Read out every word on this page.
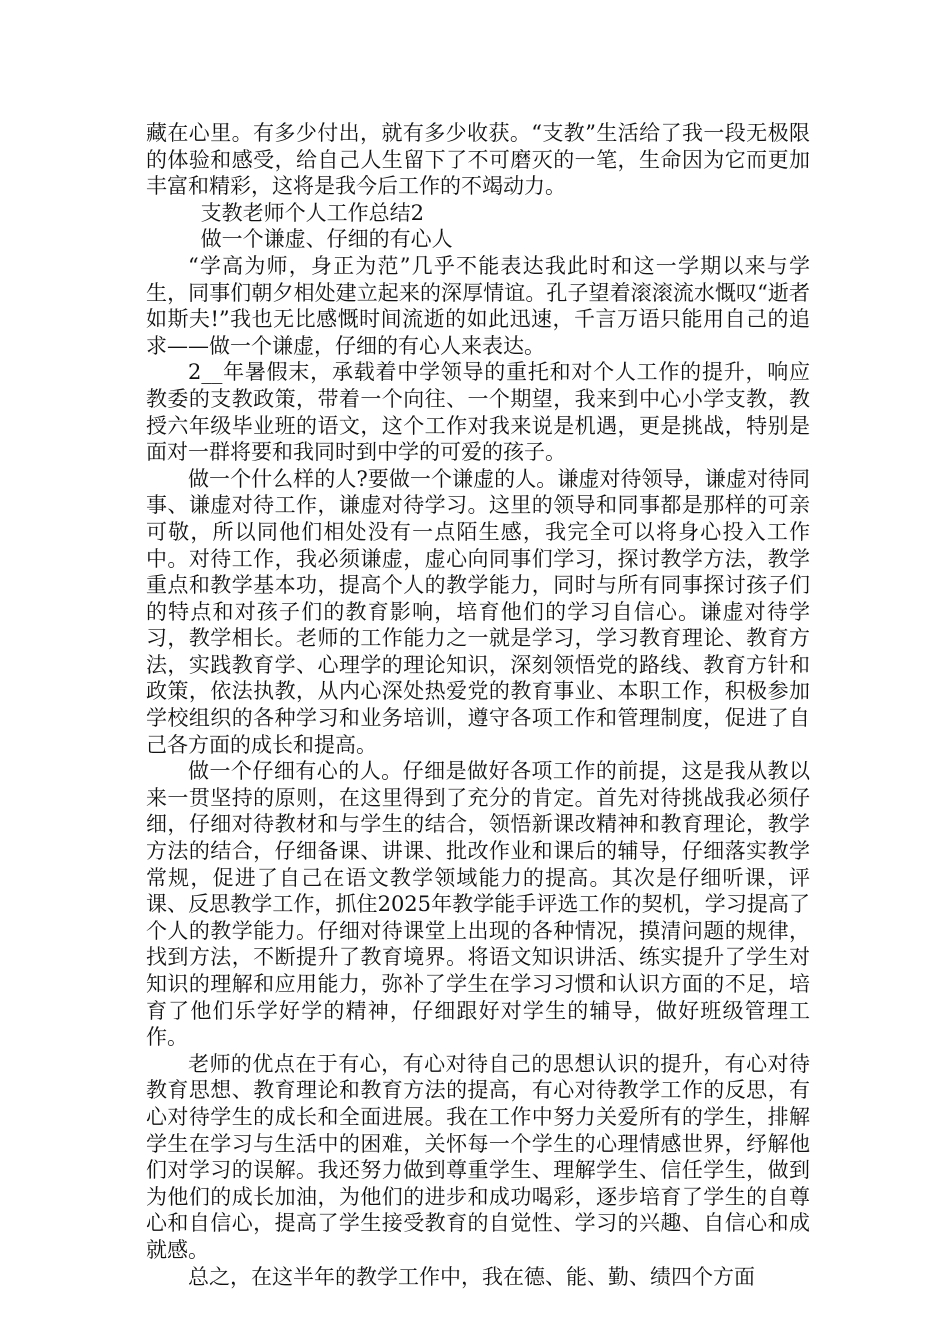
藏在心里。有多少付出，就有多少收获。“支教”生活给了我一段无极限的体验和感受，给自己人生留下了不可磨灭的一笔，生命因为它而更加丰富和精彩，这将是我今后工作的不竭动力。

支教老师个人工作总结2

做一个谦虚、仔细的有心人

“学高为师，身正为范”几乎不能表达我此时和这一学期以来与学生，同事们朝夕相处建立起来的深厚情谊。孔子望着滚滚流水慨叹“逝者如斯夫!”我也无比感慨时间流逝的如此迅速，千言万语只能用自己的追求——做一个谦虚，仔细的有心人来表达。

2__年暑假末，承载着中学领导的重托和对个人工作的提升，响应教委的支教政策，带着一个向往、一个期望，我来到中心小学支教，教授六年级毕业班的语文，这个工作对我来说是机遇，更是挑战，特别是面对一群将要和我同时到中学的可爱的孩子。

做一个什么样的人?要做一个谦虚的人。谦虚对待领导，谦虚对待同事、谦虚对待工作，谦虚对待学习。这里的领导和同事都是那样的可亲可敬，所以同他们相处没有一点陌生感，我完全可以将身心投入工作中。对待工作，我必须谦虚，虚心向同事们学习，探讨教学方法，教学重点和教学基本功，提高个人的教学能力，同时与所有同事探讨孩子们的特点和对孩子们的教育影响，培育他们的学习自信心。谦虚对待学习，教学相长。老师的工作能力之一就是学习，学习教育理论、教育方法，实践教育学、心理学的理论知识，深刻领悟党的路线、教育方针和政策，依法执教，从内心深处热爱党的教育事业、本职工作，积极参加学校组织的各种学习和业务培训，遵守各项工作和管理制度，促进了自己各方面的成长和提高。

做一个仔细有心的人。仔细是做好各项工作的前提，这是我从教以来一贯坚持的原则，在这里得到了充分的肯定。首先对待挑战我必须仔细，仔细对待教材和与学生的结合，领悟新课改精神和教育理论，教学方法的结合，仔细备课、讲课、批改作业和课后的辅导，仔细落实教学常规，促进了自己在语文教学领域能力的提高。其次是仔细听课，评课、反思教学工作，抓住2025年教学能手评选工作的契机，学习提高了个人的教学能力。仔细对待课堂上出现的各种情况，摸清问题的规律，找到方法，不断提升了教育境界。将语文知识讲活、练实提升了学生对知识的理解和应用能力，弥补了学生在学习习惯和认识方面的不足，培育了他们乐学好学的精神，仔细跟好对学生的辅导，做好班级管理工作。

老师的优点在于有心，有心对待自己的思想认识的提升，有心对待教育思想、教育理论和教育方法的提高，有心对待教学工作的反思，有心对待学生的成长和全面进展。我在工作中努力关爱所有的学生，排解学生在学习与生活中的困难，关怀每一个学生的心理情感世界，纾解他们对学习的误解。我还努力做到尊重学生、理解学生、信任学生，做到为他们的成长加油，为他们的进步和成功喝彩，逐步培育了学生的自尊心和自信心，提高了学生接受教育的自觉性、学习的兴趣、自信心和成就感。

总之，在这半年的教学工作中，我在德、能、勤、绩四个方面
